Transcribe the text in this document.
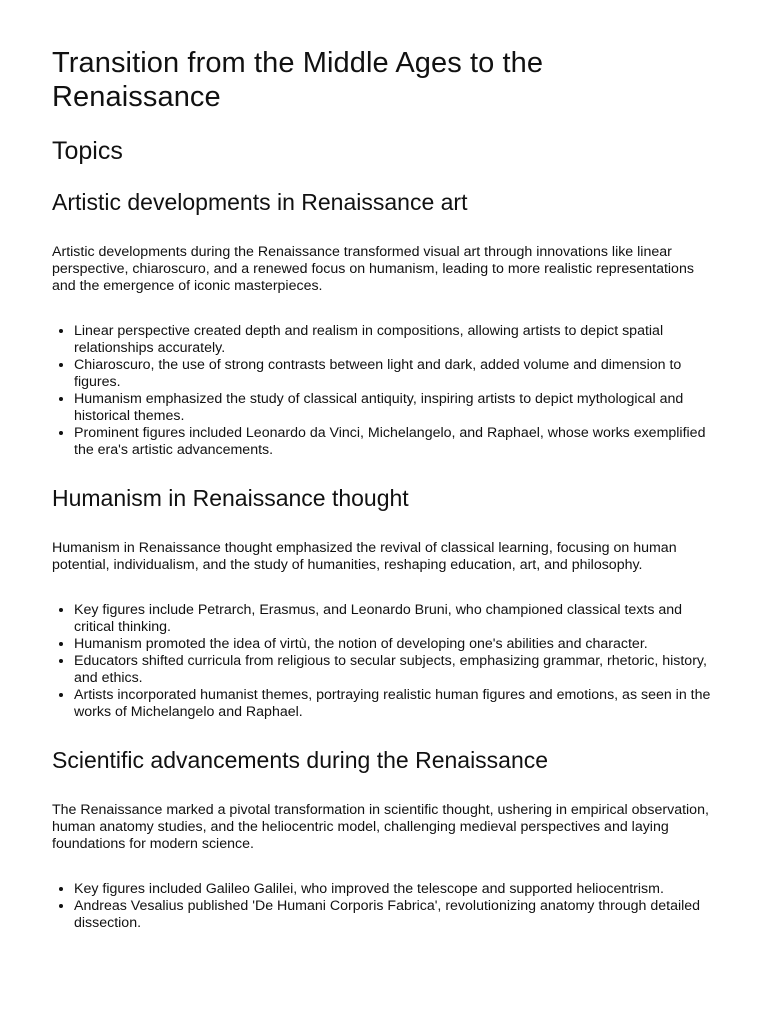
Transition from the Middle Ages to the Renaissance
Topics
Artistic developments in Renaissance art

Artistic developments during the Renaissance transformed visual art through innovations like linear perspective, chiaroscuro, and a renewed focus on humanism, leading to more realistic representations and the emergence of iconic masterpieces.

• Linear perspective created depth and realism in compositions, allowing artists to depict spatial relationships accurately.
• Chiaroscuro, the use of strong contrasts between light and dark, added volume and dimension to figures.
• Humanism emphasized the study of classical antiquity, inspiring artists to depict mythological and historical themes.
• Prominent figures included Leonardo da Vinci, Michelangelo, and Raphael, whose works exemplified the era's artistic advancements.
Humanism in Renaissance thought

Humanism in Renaissance thought emphasized the revival of classical learning, focusing on human potential, individualism, and the study of humanities, reshaping education, art, and philosophy.

• Key figures include Petrarch, Erasmus, and Leonardo Bruni, who championed classical texts and critical thinking.
• Humanism promoted the idea of virtù, the notion of developing one's abilities and character.
• Educators shifted curricula from religious to secular subjects, emphasizing grammar, rhetoric, history, and ethics.
• Artists incorporated humanist themes, portraying realistic human figures and emotions, as seen in the works of Michelangelo and Raphael.
Scientific advancements during the Renaissance

The Renaissance marked a pivotal transformation in scientific thought, ushering in empirical observation, human anatomy studies, and the heliocentric model, challenging medieval perspectives and laying foundations for modern science.

• Key figures included Galileo Galilei, who improved the telescope and supported heliocentrism.
• Andreas Vesalius published 'De Humani Corporis Fabrica', revolutionizing anatomy through detailed dissection.
